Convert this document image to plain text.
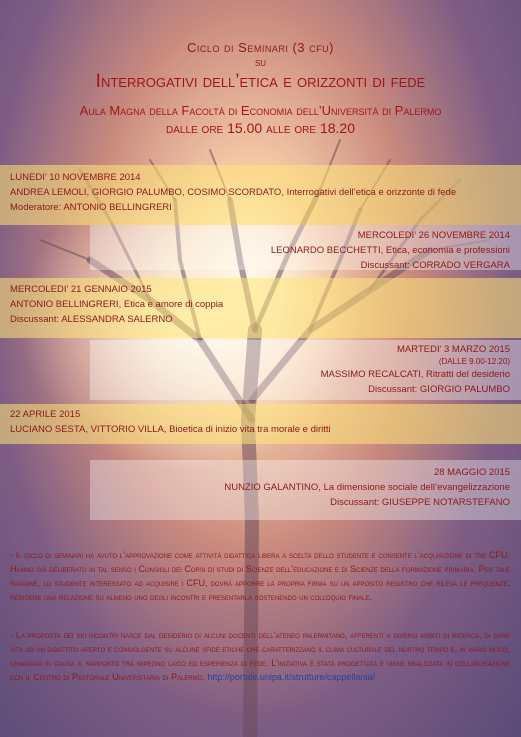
Ciclo di Seminari (3 cfu)
su
Interrogativi dell’etica e orizzonti di fede
Aula Magna della Facoltà di Economia dell’Università di Palermo
dalle ore 15.00 alle ore 18.20
LUNEDI’ 10 NOVEMBRE 2014
ANDREA LEMOLI, GIORGIO PALUMBO, COSIMO SCORDATO, Interrogativi dell’etica e orizzonte di fede
Moderatore: ANTONIO BELLINGRERI
MERCOLEDI’ 26 NOVEMBRE 2014
LEONARDO BECCHETTI, Etica, economia e professioni
Discussant: CORRADO VERGARA
MERCOLEDI’ 21 GENNAIO 2015
ANTONIO BELLINGRERI, Etica e amore di coppia
Discussant: ALESSANDRA SALERNO
MARTEDI’ 3 MARZO 2015
(DALLE 9.00-12.20)
MASSIMO RECALCATI, Ritratti del desiderio
Discussant: GIORGIO PALUMBO
22 APRILE 2015
LUCIANO SESTA, VITTORIO VILLA, Bioetica di inizio vita tra morale e diritti
28 MAGGIO 2015
NUNZIO GALANTINO, La dimensione sociale dell’evangelizzazione
Discussant: GIUSEPPE NOTARSTEFANO
- Il ciclo di seminari ha avuto l’approvazione come attività didattica libera a scelta dello studente e consente l’acquisizione di tre CFU. Hanno già deliberato in tal senso i Consigli dei Corsi di studi di Scienze dell’educazione e di Scienze della formazione primaria. Per tale ragione, lo studente interessato ad acquisire i CFU, dovrà apporre la propria firma su un apposito registro che rileva le frequenze; redigere una relazione su almeno uno degli incontri e presentarla sostenendo un colloquio finale.
- La proposta dei sei incontri nasce dal desiderio di alcuni docenti dell’ateneo palermitano, afferenti a diversi ambiti di ricerca, di dare vita ad un dibattito aperto e coinvolgente su alcune sfide etiche che caratterizzano il clima culturale del nostro tempo e, in vario modo, chiamano in causa il rapporto tra impegno laico ed esperienza di fede. L’iniziativa è stata progettata e viene realizzata in collaborazione con il Centro di Pastorale Universitaria di Palermo. http://portale.unipa.it/strutture/cappellania/
